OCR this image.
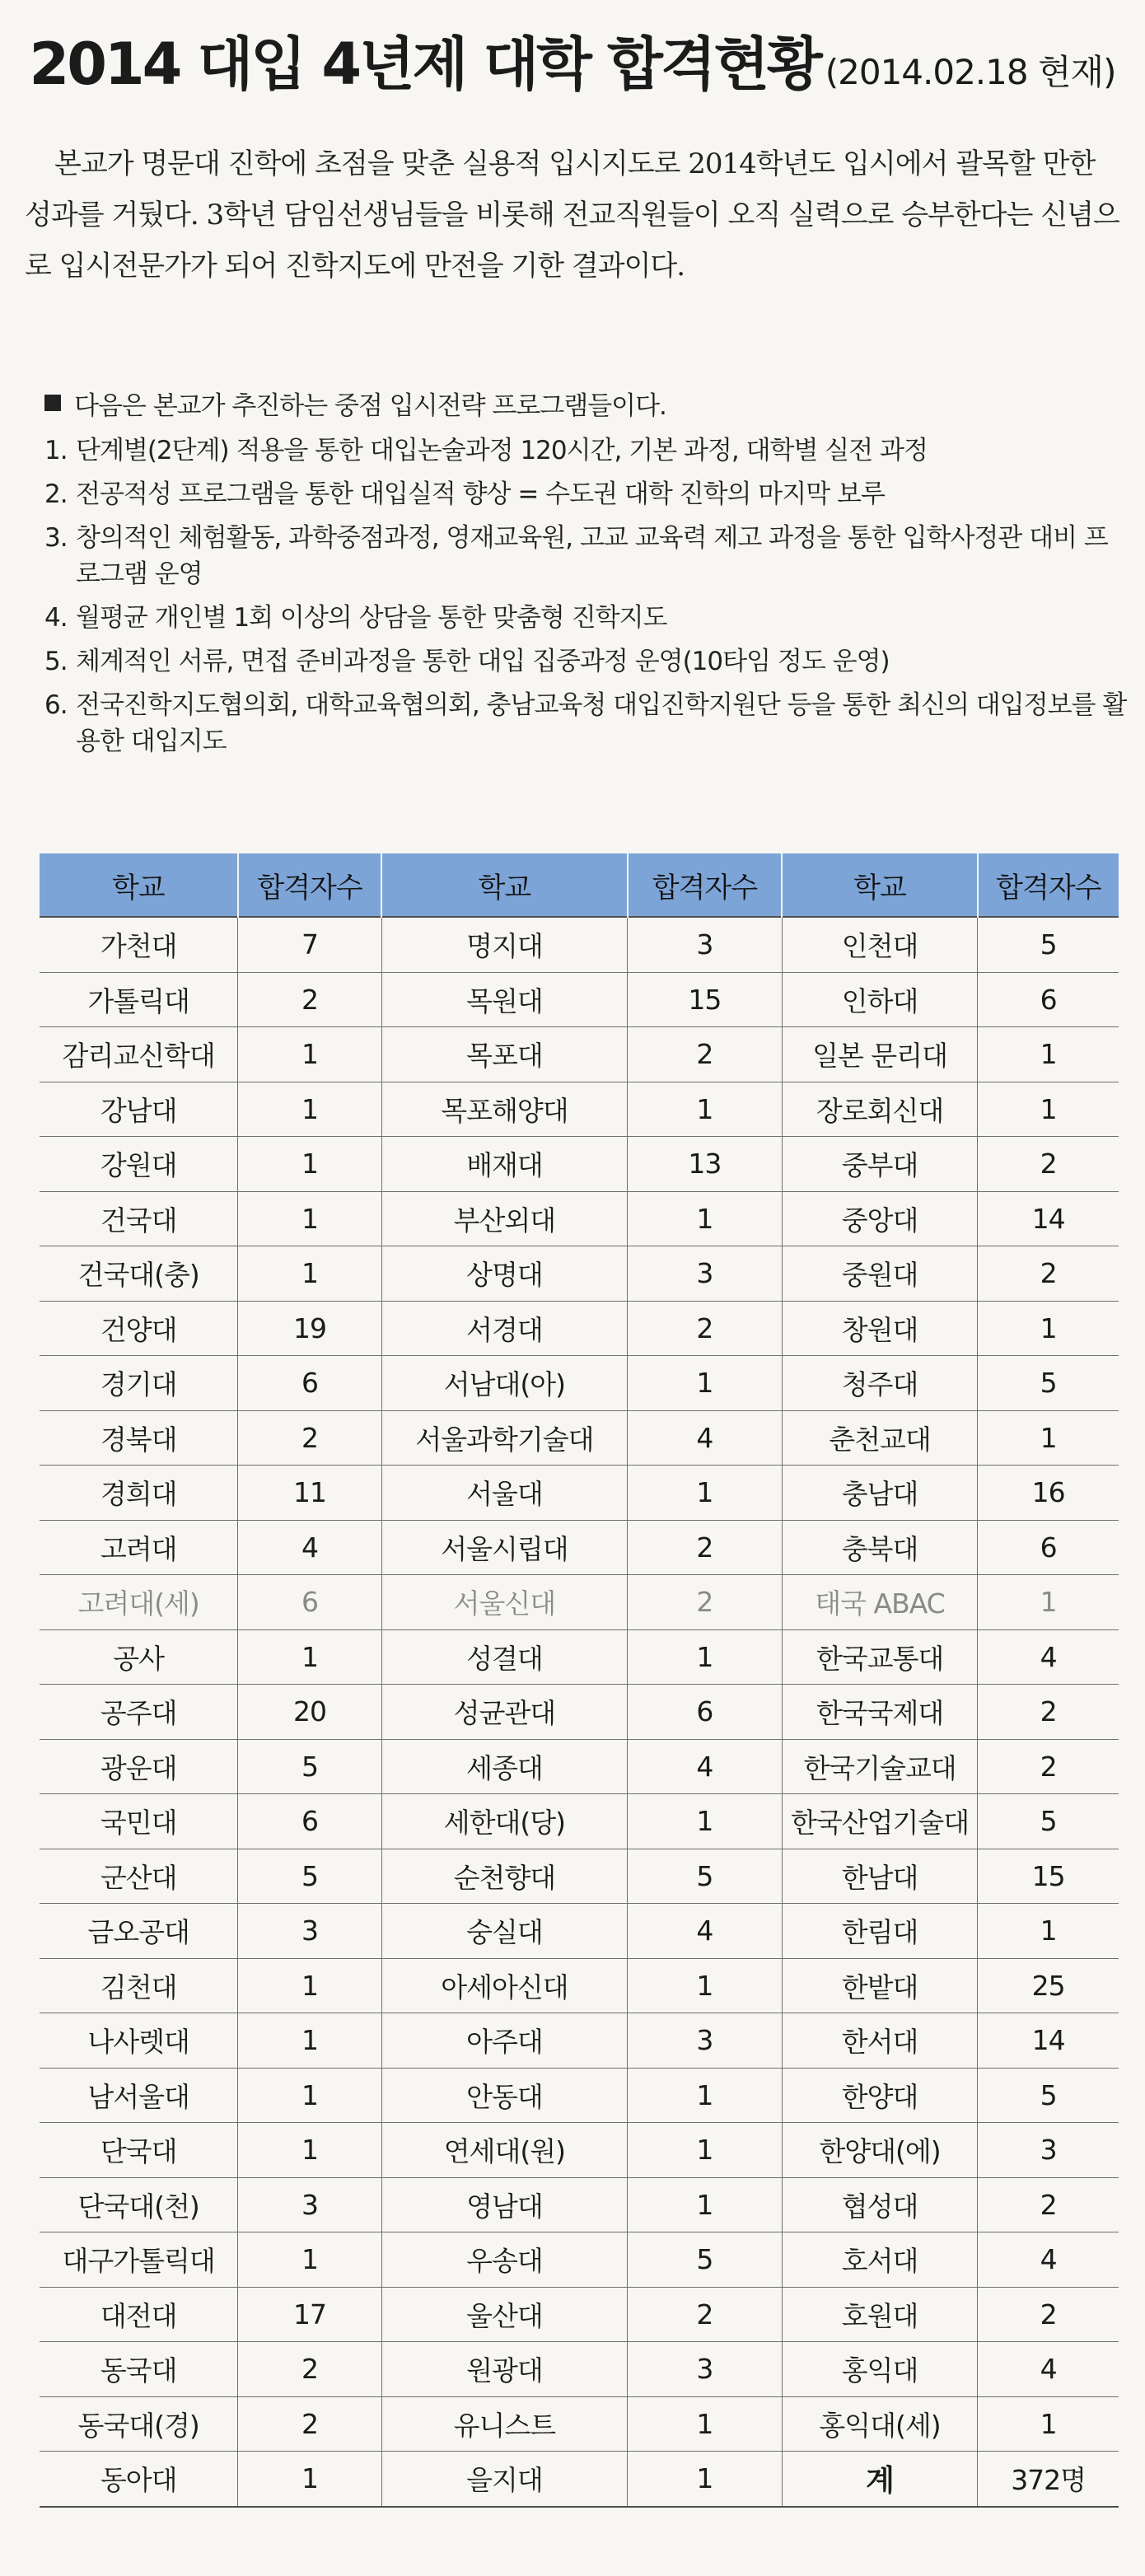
2014 대입 4년제 대학 합격현황 (2014.02.18 현재)

본교가 명문대 진학에 초점을 맞춘 실용적 입시지도로 2014학년도 입시에서 괄목할 만한 성과를 거뒀다. 3학년 담임선생님들을 비롯해 전교직원들이 오직 실력으로 승부한다는 신념으로 입시전문가가 되어 진학지도에 만전을 기한 결과이다.

다음은 본교가 추진하는 중점 입시전략 프로그램들이다.
1. 단계별(2단계) 적용을 통한 대입논술과정 120시간, 기본 과정, 대학별 실전 과정
2. 전공적성 프로그램을 통한 대입실적 향상 = 수도권 대학 진학의 마지막 보루
3. 창의적인 체험활동, 과학중점과정, 영재교육원, 고교 교육력 제고 과정을 통한 입학사정관 대비 프로그램 운영
4. 월평균 개인별 1회 이상의 상담을 통한 맞춤형 진학지도
5. 체계적인 서류, 면접 준비과정을 통한 대입 집중과정 운영(10타임 정도 운영)
6. 전국진학지도협의회, 대학교육협의회, 충남교육청 대입진학지원단 등을 통한 최신의 대입정보를 활용한 대입지도
학교	합격자수	학교	합격자수	학교	합격자수
가천대	7	명지대	3	인천대	5
가톨릭대	2	목원대	15	인하대	6
감리교신학대	1	목포대	2	일본 문리대	1
강남대	1	목포해양대	1	장로회신대	1
강원대	1	배재대	13	중부대	2
건국대	1	부산외대	1	중앙대	14
건국대(충)	1	상명대	3	중원대	2
건양대	19	서경대	2	창원대	1
경기대	6	서남대(아)	1	청주대	5
경북대	2	서울과학기술대	4	춘천교대	1
경희대	11	서울대	1	충남대	16
고려대	4	서울시립대	2	충북대	6
고려대(세)	6	서울신대	2	태국 ABAC	1
공사	1	성결대	1	한국교통대	4
공주대	20	성균관대	6	한국국제대	2
광운대	5	세종대	4	한국기술교대	2
국민대	6	세한대(당)	1	한국산업기술대	5
군산대	5	순천향대	5	한남대	15
금오공대	3	숭실대	4	한림대	1
김천대	1	아세아신대	1	한밭대	25
나사렛대	1	아주대	3	한서대	14
남서울대	1	안동대	1	한양대	5
단국대	1	연세대(원)	1	한양대(에)	3
단국대(천)	3	영남대	1	협성대	2
대구가톨릭대	1	우송대	5	호서대	4
대전대	17	울산대	2	호원대	2
동국대	2	원광대	3	홍익대	4
동국대(경)	2	유니스트	1	홍익대(세)	1
동아대	1	을지대	1	계	372명
